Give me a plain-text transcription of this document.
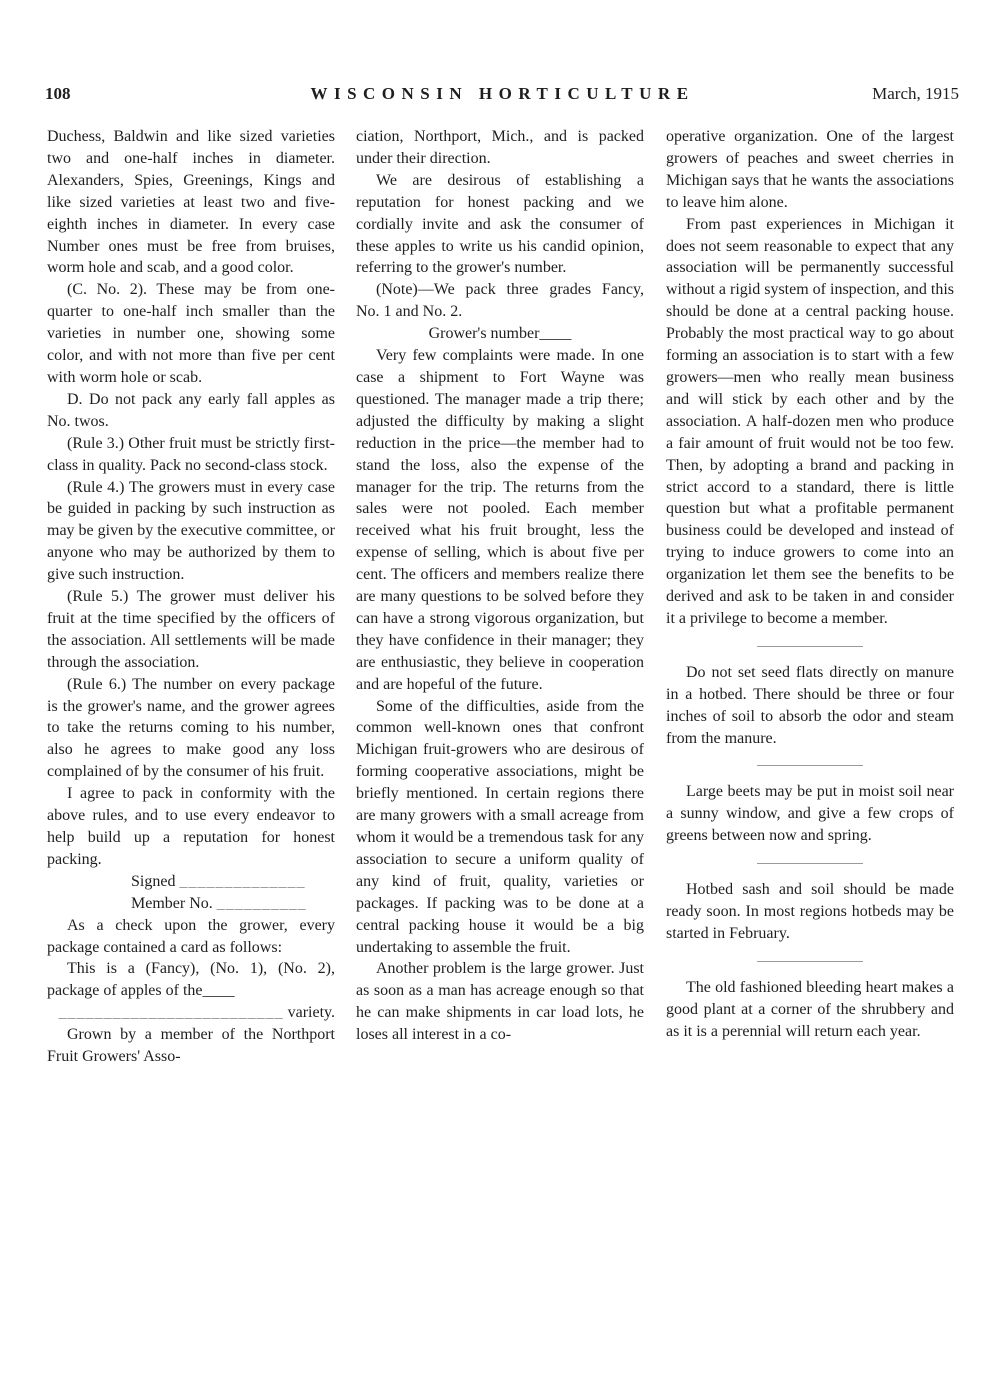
108	WISCONSIN HORTICULTURE	March, 1915

Duchess, Baldwin and like sized varieties two and one-half inches in diameter. Alexanders, Spies, Greenings, Kings and like sized varieties at least two and five-eighth inches in diameter. In every case Number ones must be free from bruises, worm hole and scab, and a good color.

(C. No. 2). These may be from one-quarter to one-half inch smaller than the varieties in number one, showing some color, and with not more than five per cent with worm hole or scab.

D. Do not pack any early fall apples as No. twos.

(Rule 3.) Other fruit must be strictly first-class in quality. Pack no second-class stock.

(Rule 4.) The growers must in every case be guided in packing by such instruction as may be given by the executive committee, or anyone who may be authorized by them to give such instruction.

(Rule 5.) The grower must deliver his fruit at the time specified by the officers of the association. All settlements will be made through the association.

(Rule 6.) The number on every package is the grower's name, and the grower agrees to take the returns coming to his number, also he agrees to make good any loss complained of by the consumer of his fruit.

I agree to pack in conformity with the above rules, and to use every endeavor to help build up a reputation for honest packing.

Signed ______________

Member No. __________

As a check upon the grower, every package contained a card as follows:

This is a (Fancy), (No. 1), (No. 2), package of apples of the____

_________________________ variety.

Grown by a member of the Northport Fruit Growers' Asso-

ciation, Northport, Mich., and is packed under their direction.

We are desirous of establishing a reputation for honest packing and we cordially invite and ask the consumer of these apples to write us his candid opinion, referring to the grower's number.

(Note)—We pack three grades Fancy, No. 1 and No. 2.

Grower's number____

Very few complaints were made. In one case a shipment to Fort Wayne was questioned. The manager made a trip there; adjusted the difficulty by making a slight reduction in the price—the member had to stand the loss, also the expense of the manager for the trip. The returns from the sales were not pooled. Each member received what his fruit brought, less the expense of selling, which is about five per cent. The officers and members realize there are many questions to be solved before they can have a strong vigorous organization, but they have confidence in their manager; they are enthusiastic, they believe in cooperation and are hopeful of the future.

Some of the difficulties, aside from the common well-known ones that confront Michigan fruit-growers who are desirous of forming cooperative associations, might be briefly mentioned. In certain regions there are many growers with a small acreage from whom it would be a tremendous task for any association to secure a uniform quality of any kind of fruit, quality, varieties or packages. If packing was to be done at a central packing house it would be a big undertaking to assemble the fruit.

Another problem is the large grower. Just as soon as a man has acreage enough so that he can make shipments in car load lots, he loses all interest in a co-

operative organization. One of the largest growers of peaches and sweet cherries in Michigan says that he wants the associations to leave him alone.

From past experiences in Michigan it does not seem reasonable to expect that any association will be permanently successful without a rigid system of inspection, and this should be done at a central packing house. Probably the most practical way to go about forming an association is to start with a few growers—men who really mean business and will stick by each other and by the association. A half-dozen men who produce a fair amount of fruit would not be too few. Then, by adopting a brand and packing in strict accord to a standard, there is little question but what a profitable permanent business could be developed and instead of trying to induce growers to come into an organization let them see the benefits to be derived and ask to be taken in and consider it a privilege to become a member.

Do not set seed flats directly on manure in a hotbed. There should be three or four inches of soil to absorb the odor and steam from the manure.

Large beets may be put in moist soil near a sunny window, and give a few crops of greens between now and spring.

Hotbed sash and soil should be made ready soon. In most regions hotbeds may be started in February.

The old fashioned bleeding heart makes a good plant at a corner of the shrubbery and as it is a perennial will return each year.
